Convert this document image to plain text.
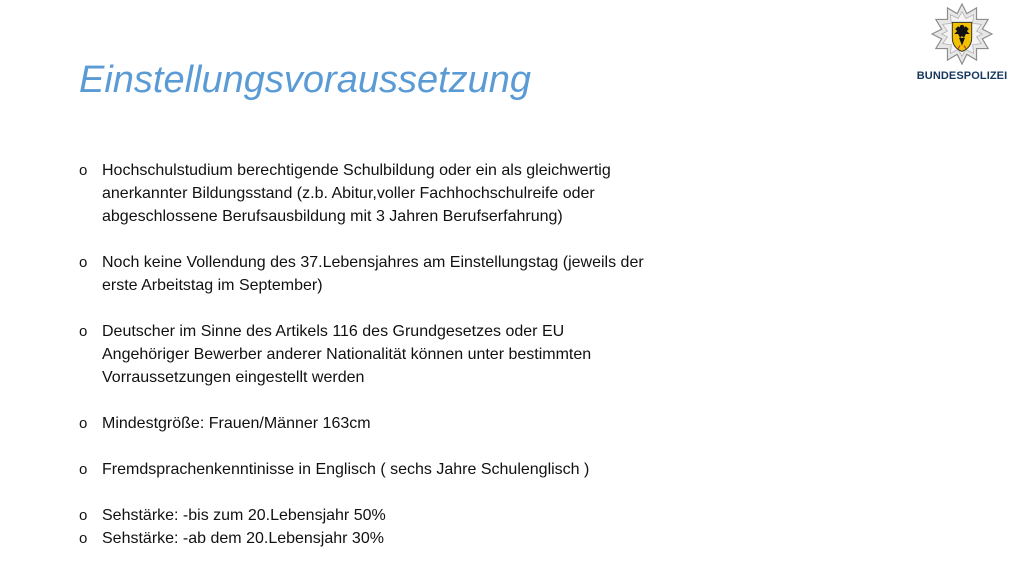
BUNDESPOLIZEI
Einstellungsvoraussetzung
o Hochschulstudium berechtigende Schulbildung oder ein als gleichwertig
anerkannter Bildungsstand (z.b. Abitur,voller Fachhochschulreife oder
abgeschlossene Berufsausbildung mit 3 Jahren Berufserfahrung)
o Noch keine Vollendung des 37.Lebensjahres am Einstellungstag (jeweils der
erste Arbeitstag im September)
o Deutscher im Sinne des Artikels 116 des Grundgesetzes oder EU
Angehöriger Bewerber anderer Nationalität können unter bestimmten
Vorraussetzungen eingestellt werden
o Mindestgröße: Frauen/Männer 163cm
o Fremdsprachenkenntinisse in Englisch ( sechs Jahre Schulenglisch )
o Sehstärke: -bis zum 20.Lebensjahr 50%
o Sehstärke: -ab dem 20.Lebensjahr 30%
